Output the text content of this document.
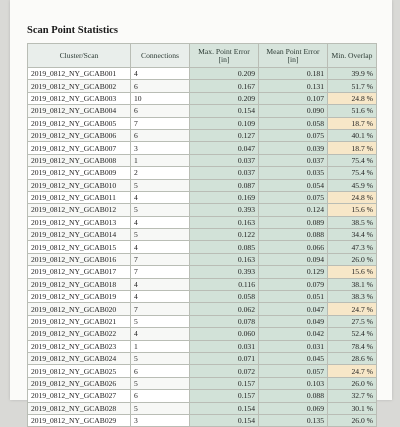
Scan Point Statistics
Cluster/Scan	Connections	Max. Point Error [in]	Mean Point Error [in]	Min. Overlap
2019_0812_NY_GCAB001	4	0.209	0.181	39.9 %
2019_0812_NY_GCAB002	6	0.167	0.131	51.7 %
2019_0812_NY_GCAB003	10	0.209	0.107	24.8 %
2019_0812_NY_GCAB004	6	0.154	0.090	51.6 %
2019_0812_NY_GCAB005	7	0.109	0.058	18.7 %
2019_0812_NY_GCAB006	6	0.127	0.075	40.1 %
2019_0812_NY_GCAB007	3	0.047	0.039	18.7 %
2019_0812_NY_GCAB008	1	0.037	0.037	75.4 %
2019_0812_NY_GCAB009	2	0.037	0.035	75.4 %
2019_0812_NY_GCAB010	5	0.087	0.054	45.9 %
2019_0812_NY_GCAB011	4	0.169	0.075	24.8 %
2019_0812_NY_GCAB012	5	0.393	0.124	15.6 %
2019_0812_NY_GCAB013	4	0.163	0.089	38.5 %
2019_0812_NY_GCAB014	5	0.122	0.088	34.4 %
2019_0812_NY_GCAB015	4	0.085	0.066	47.3 %
2019_0812_NY_GCAB016	7	0.163	0.094	26.0 %
2019_0812_NY_GCAB017	7	0.393	0.129	15.6 %
2019_0812_NY_GCAB018	4	0.116	0.079	38.1 %
2019_0812_NY_GCAB019	4	0.058	0.051	38.3 %
2019_0812_NY_GCAB020	7	0.062	0.047	24.7 %
2019_0812_NY_GCAB021	5	0.078	0.049	27.5 %
2019_0812_NY_GCAB022	4	0.060	0.042	52.4 %
2019_0812_NY_GCAB023	1	0.031	0.031	78.4 %
2019_0812_NY_GCAB024	5	0.071	0.045	28.6 %
2019_0812_NY_GCAB025	6	0.072	0.057	24.7 %
2019_0812_NY_GCAB026	5	0.157	0.103	26.0 %
2019_0812_NY_GCAB027	6	0.157	0.088	32.7 %
2019_0812_NY_GCAB028	5	0.154	0.069	30.1 %
2019_0812_NY_GCAB029	3	0.154	0.135	26.0 %
